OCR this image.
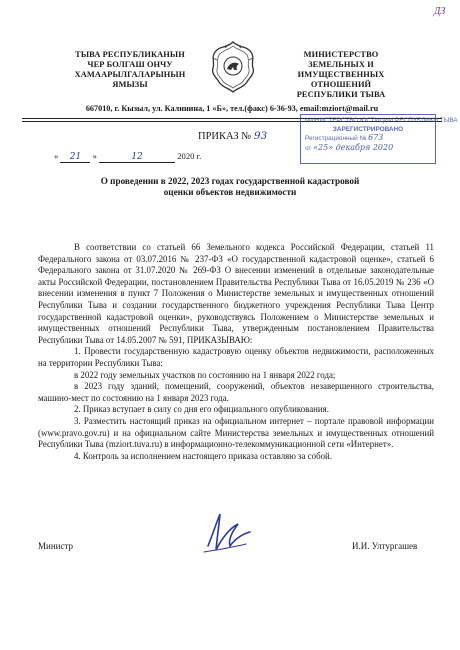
ДЗ
ТЫВА РЕСПУБЛИКАНЫН
ЧЕР БОЛГАШ ОНЧУ
ХАМААРЫЛГАЛАРЫНЫН
ЯМЫЗЫ
МИНИСТЕРСТВО
ЗЕМЕЛЬНЫХ И ИМУЩЕСТВЕННЫХ
ОТНОШЕНИЙ
РЕСПУБЛИКИ ТЫВА
667010, г. Кызыл, ул. Калинина, 1 «Б», тел.(факс) 6-36-93, email:mziort@mail.ru
МИНИСТЕРСТВО ЮСТИЦИИ РЕСПУБЛИКИ ТЫВА
ЗАРЕГИСТРИРОВАНО
Регистрационный № 673
от «25» декабря 2020
ПРИКАЗ № 93
« 21 »	12	2020 г.
О проведении в 2022, 2023 годах государственной кадастровой оценки объектов недвижимости

В соответствии со статьей 66 Земельного кодекса Российской Федерации, статьей 11 Федерального закона от 03.07.2016 № 237-ФЗ «О государственной кадастровой оценке», статьей 6 Федерального закона от 31.07.2020 № 269-ФЗ О внесении изменений в отдельные законодательные акты Российской Федерации, постановлением Правительства Республики Тыва от 16.05.2019 № 236 «О внесении изменения в пункт 7 Положения о Министерстве земельных и имущественных отношений Республики Тыва и создании государственного бюджетного учреждения Республики Тыва Центр государственной кадастровой оценки», руководствуясь Положением о Министерстве земельных и имущественных отношений Республики Тыва, утвержденным постановлением Правительства Республики Тыва от 14.05.2007 № 591, ПРИКАЗЫВАЮ:

1. Провести государственную кадастровую оценку объектов недвижимости, расположенных на территории Республики Тыва:

в 2022 году земельных участков по состоянию на 1 января 2022 года;

в 2023 году зданий, помещений, сооружений, объектов незавершенного строительства, машино-мест по состоянию на 1 января 2023 года.

2. Приказ вступает в силу со дня его официального опубликования.

3. Разместить настоящий приказ на официальном интернет – портале правовой информации (www.pravo.gov.ru) и на официальном сайте Министерства земельных и имущественных отношений Республики Тыва (mziort.tuva.ru) в информационно-телекоммуникационной сети «Интернет».

4. Контроль за исполнением настоящего приказа оставляю за собой.

Министр	И.И. Ултургашев
